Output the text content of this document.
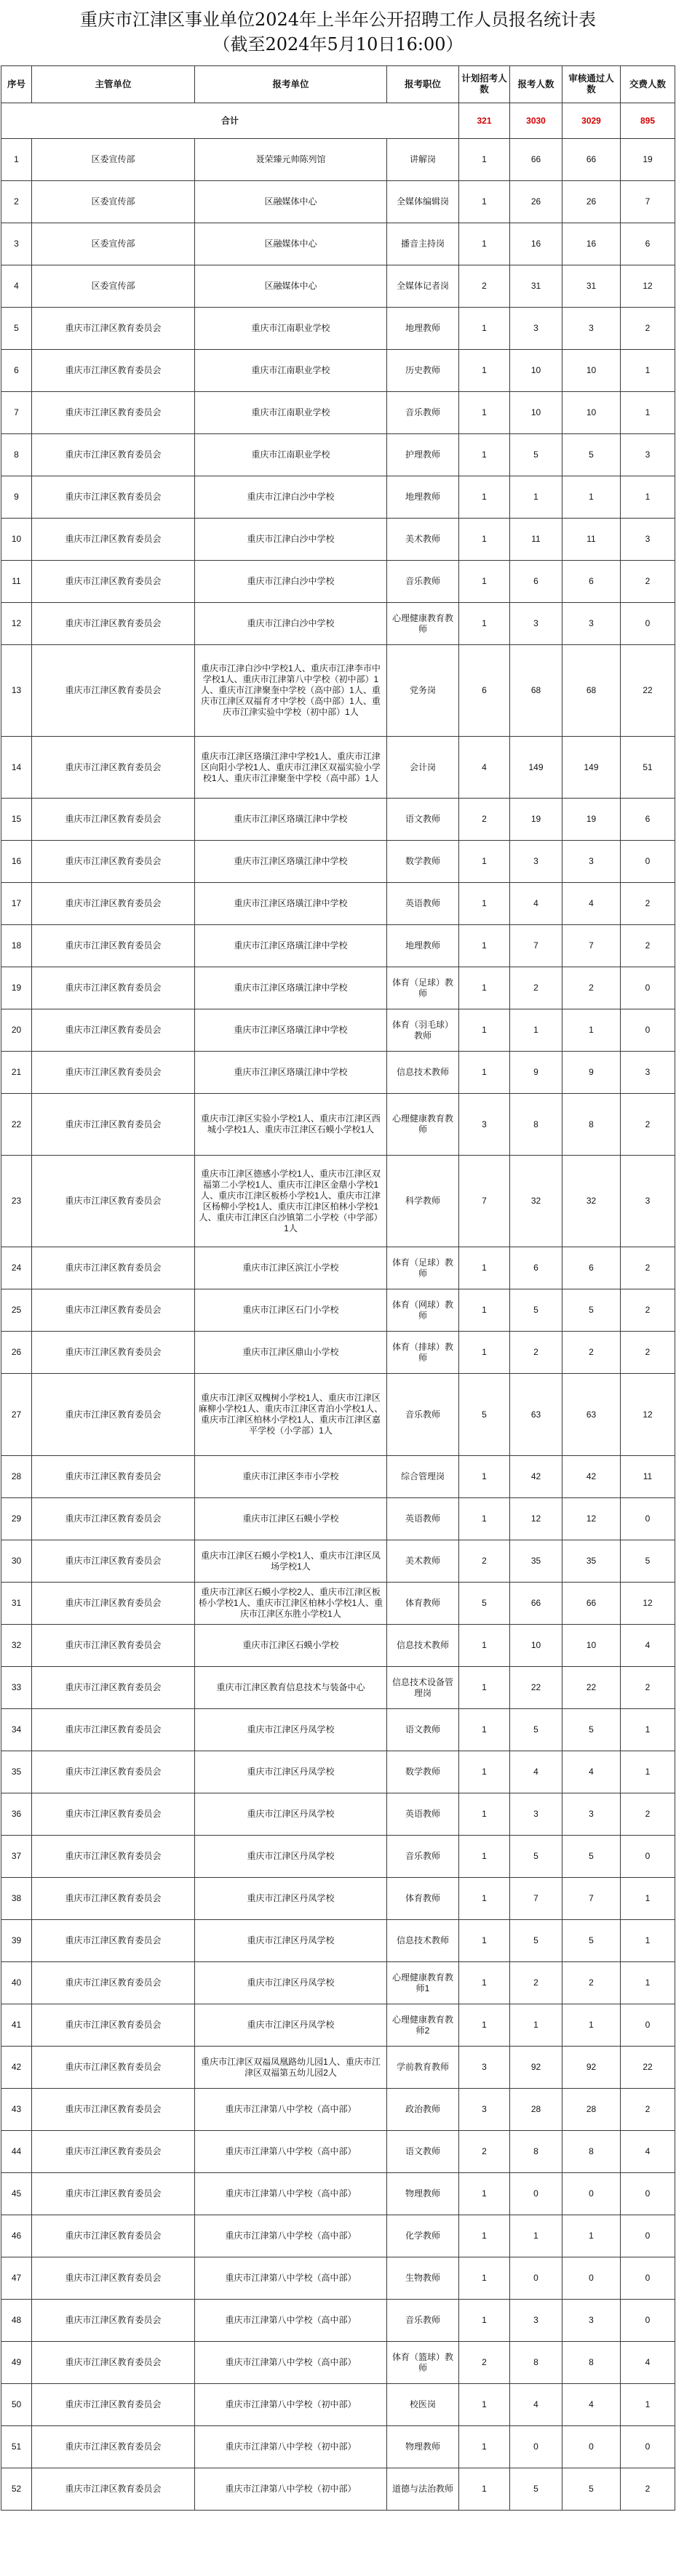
重庆市江津区事业单位2024年上半年公开招聘工作人员报名统计表
（截至2024年5月10日16:00）
序号	主管单位	报考单位	报考职位	计划招考人数	报考人数	审核通过人数	交费人数
合计				321	3030	3029	895
1	区委宣传部	聂荣臻元帅陈列馆	讲解岗	1	66	66	19
2	区委宣传部	区融媒体中心	全媒体编辑岗	1	26	26	7
3	区委宣传部	区融媒体中心	播音主持岗	1	16	16	6
4	区委宣传部	区融媒体中心	全媒体记者岗	2	31	31	12
5	重庆市江津区教育委员会	重庆市江南职业学校	地理教师	1	3	3	2
6	重庆市江津区教育委员会	重庆市江南职业学校	历史教师	1	10	10	1
7	重庆市江津区教育委员会	重庆市江南职业学校	音乐教师	1	10	10	1
8	重庆市江津区教育委员会	重庆市江南职业学校	护理教师	1	5	5	3
9	重庆市江津区教育委员会	重庆市江津白沙中学校	地理教师	1	1	1	1
10	重庆市江津区教育委员会	重庆市江津白沙中学校	美术教师	1	11	11	3
11	重庆市江津区教育委员会	重庆市江津白沙中学校	音乐教师	1	6	6	2
12	重庆市江津区教育委员会	重庆市江津白沙中学校	心理健康教育教师	1	3	3	0
13	重庆市江津区教育委员会	重庆市江津白沙中学校1人、重庆市江津李市中学校1人、重庆市江津第八中学校（初中部）1人、重庆市江津聚奎中学校（高中部）1人、重庆市江津区双福育才中学校（高中部）1人、重庆市江津实验中学校（初中部）1人	党务岗	6	68	68	22
14	重庆市江津区教育委员会	重庆市江津区珞璜江津中学校1人、重庆市江津区向阳小学校1人、重庆市江津区双福实验小学校1人、重庆市江津聚奎中学校（高中部）1人	会计岗	4	149	149	51
15	重庆市江津区教育委员会	重庆市江津区珞璜江津中学校	语文教师	2	19	19	6
16	重庆市江津区教育委员会	重庆市江津区珞璜江津中学校	数学教师	1	3	3	0
17	重庆市江津区教育委员会	重庆市江津区珞璜江津中学校	英语教师	1	4	4	2
18	重庆市江津区教育委员会	重庆市江津区珞璜江津中学校	地理教师	1	7	7	2
19	重庆市江津区教育委员会	重庆市江津区珞璜江津中学校	体育（足球）教师	1	2	2	0
20	重庆市江津区教育委员会	重庆市江津区珞璜江津中学校	体育（羽毛球）教师	1	1	1	0
21	重庆市江津区教育委员会	重庆市江津区珞璜江津中学校	信息技术教师	1	9	9	3
22	重庆市江津区教育委员会	重庆市江津区实验小学校1人、重庆市江津区西城小学校1人、重庆市江津区石蟆小学校1人	心理健康教育教师	3	8	8	2
23	重庆市江津区教育委员会	重庆市江津区德感小学校1人、重庆市江津区双福第二小学校1人、重庆市江津区金鼎小学校1人、重庆市江津区板桥小学校1人、重庆市江津区杨柳小学校1人、重庆市江津区柏林小学校1人、重庆市江津区白沙镇第二小学校（中学部）1人	科学教师	7	32	32	3
24	重庆市江津区教育委员会	重庆市江津区滨江小学校	体育（足球）教师	1	6	6	2
25	重庆市江津区教育委员会	重庆市江津区石门小学校	体育（网球）教师	1	5	5	2
26	重庆市江津区教育委员会	重庆市江津区鼎山小学校	体育（排球）教师	1	2	2	2
27	重庆市江津区教育委员会	重庆市江津区双槐树小学校1人、重庆市江津区麻柳小学校1人、重庆市江津区青泊小学校1人、重庆市江津区柏林小学校1人、重庆市江津区嘉平学校（小学部）1人	音乐教师	5	63	63	12
28	重庆市江津区教育委员会	重庆市江津区李市小学校	综合管理岗	1	42	42	11
29	重庆市江津区教育委员会	重庆市江津区石蟆小学校	英语教师	1	12	12	0
30	重庆市江津区教育委员会	重庆市江津区石蟆小学校1人、重庆市江津区凤场学校1人	美术教师	2	35	35	5
31	重庆市江津区教育委员会	重庆市江津区石蟆小学校2人、重庆市江津区板桥小学校1人、重庆市江津区柏林小学校1人、重庆市江津区东胜小学校1人	体育教师	5	66	66	12
32	重庆市江津区教育委员会	重庆市江津区石蟆小学校	信息技术教师	1	10	10	4
33	重庆市江津区教育委员会	重庆市江津区教育信息技术与装备中心	信息技术设备管理岗	1	22	22	2
34	重庆市江津区教育委员会	重庆市江津区丹凤学校	语文教师	1	5	5	1
35	重庆市江津区教育委员会	重庆市江津区丹凤学校	数学教师	1	4	4	1
36	重庆市江津区教育委员会	重庆市江津区丹凤学校	英语教师	1	3	3	2
37	重庆市江津区教育委员会	重庆市江津区丹凤学校	音乐教师	1	5	5	0
38	重庆市江津区教育委员会	重庆市江津区丹凤学校	体育教师	1	7	7	1
39	重庆市江津区教育委员会	重庆市江津区丹凤学校	信息技术教师	1	5	5	1
40	重庆市江津区教育委员会	重庆市江津区丹凤学校	心理健康教育教师1	1	2	2	1
41	重庆市江津区教育委员会	重庆市江津区丹凤学校	心理健康教育教师2	1	1	1	0
42	重庆市江津区教育委员会	重庆市江津区双福凤凰路幼儿园1人、重庆市江津区双福第五幼儿园2人	学前教育教师	3	92	92	22
43	重庆市江津区教育委员会	重庆市江津第八中学校（高中部）	政治教师	3	28	28	2
44	重庆市江津区教育委员会	重庆市江津第八中学校（高中部）	语文教师	2	8	8	4
45	重庆市江津区教育委员会	重庆市江津第八中学校（高中部）	物理教师	1	0	0	0
46	重庆市江津区教育委员会	重庆市江津第八中学校（高中部）	化学教师	1	1	1	0
47	重庆市江津区教育委员会	重庆市江津第八中学校（高中部）	生物教师	1	0	0	0
48	重庆市江津区教育委员会	重庆市江津第八中学校（高中部）	音乐教师	1	3	3	0
49	重庆市江津区教育委员会	重庆市江津第八中学校（高中部）	体育（篮球）教师	2	8	8	4
50	重庆市江津区教育委员会	重庆市江津第八中学校（初中部）	校医岗	1	4	4	1
51	重庆市江津区教育委员会	重庆市江津第八中学校（初中部）	物理教师	1	0	0	0
52	重庆市江津区教育委员会	重庆市江津第八中学校（初中部）	道德与法治教师	1	5	5	2
